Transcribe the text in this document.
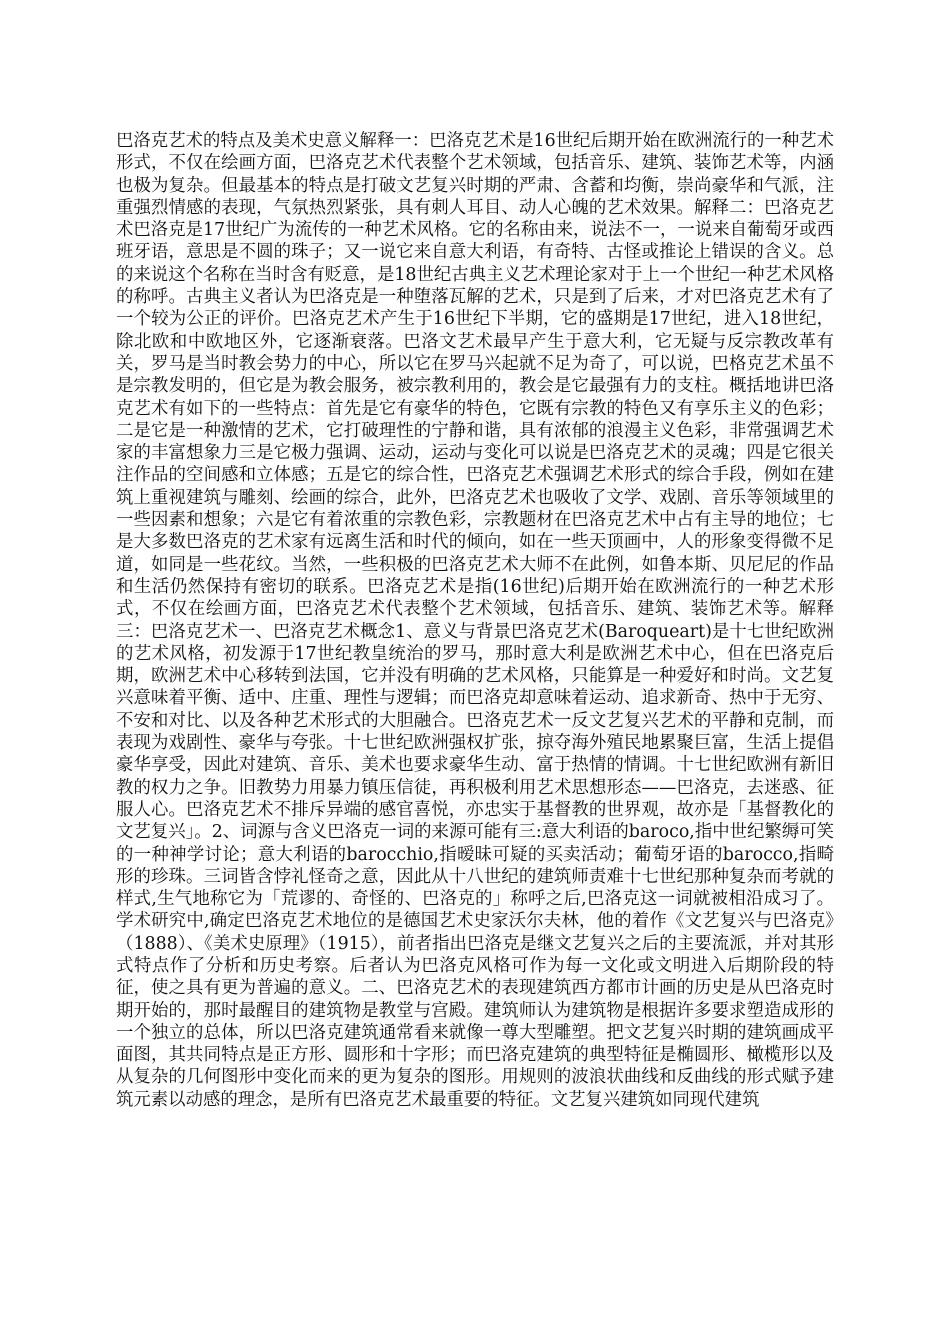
巴洛克艺术的特点及美术史意义解释一：巴洛克艺术是16世纪后期开始在欧洲流行的一种艺术形式，不仅在绘画方面，巴洛克艺术代表整个艺术领域，包括音乐、建筑、装饰艺术等，内涵也极为复杂。但最基本的特点是打破文艺复兴时期的严肃、含蓄和均衡，崇尚豪华和气派，注重强烈情感的表现，气氛热烈紧张，具有刺人耳目、动人心魄的艺术效果。解释二：巴洛克艺术巴洛克是17世纪广为流传的一种艺术风格。它的名称由来，说法不一，一说来自葡萄牙或西班牙语，意思是不圆的珠子；又一说它来自意大利语，有奇特、古怪或推论上错误的含义。总的来说这个名称在当时含有贬意，是18世纪古典主义艺术理论家对于上一个世纪一种艺术风格的称呼。古典主义者认为巴洛克是一种堕落瓦解的艺术，只是到了后来，才对巴洛克艺术有了一个较为公正的评价。巴洛克艺术产生于16世纪下半期，它的盛期是17世纪，进入18世纪，除北欧和中欧地区外，它逐渐衰落。巴洛文艺术最早产生于意大利，它无疑与反宗教改革有关，罗马是当时教会势力的中心，所以它在罗马兴起就不足为奇了，可以说，巴格克艺术虽不是宗教发明的，但它是为教会服务，被宗教利用的，教会是它最强有力的支柱。概括地讲巴洛克艺术有如下的一些特点：首先是它有豪华的特色，它既有宗教的特色又有享乐主义的色彩；二是它是一种激情的艺术，它打破理性的宁静和谐，具有浓郁的浪漫主义色彩，非常强调艺术家的丰富想象力三是它极力强调、运动，运动与变化可以说是巴洛克艺术的灵魂；四是它很关注作品的空间感和立体感；五是它的综合性，巴洛克艺术强调艺术形式的综合手段，例如在建筑上重视建筑与雕刻、绘画的综合，此外，巴洛克艺术也吸收了文学、戏剧、音乐等领域里的一些因素和想象；六是它有着浓重的宗教色彩，宗教题材在巴洛克艺术中占有主导的地位；七是大多数巴洛克的艺术家有远离生活和时代的倾向，如在一些天顶画中，人的形象变得微不足道，如同是一些花纹。当然，一些积极的巴洛克艺术大师不在此例，如鲁本斯、贝尼尼的作品和生活仍然保持有密切的联系。巴洛克艺术是指(16世纪)后期开始在欧洲流行的一种艺术形式，不仅在绘画方面，巴洛克艺术代表整个艺术领域，包括音乐、建筑、装饰艺术等。解释三：巴洛克艺术一、巴洛克艺术概念1、意义与背景巴洛克艺术(Baroqueart)是十七世纪欧洲的艺术风格，初发源于17世纪教皇统治的罗马，那时意大利是欧洲艺术中心，但在巴洛克后期，欧洲艺术中心移转到法国，它并没有明确的艺术风格，只能算是一种爱好和时尚。文艺复兴意味着平衡、适中、庄重、理性与逻辑；而巴洛克却意味着运动、追求新奇、热中于无穷、不安和对比、以及各种艺术形式的大胆融合。巴洛克艺术一反文艺复兴艺术的平静和克制，而表现为戏剧性、豪华与夸张。十七世纪欧洲强权扩张，掠夺海外殖民地累聚巨富，生活上提倡豪华享受，因此对建筑、音乐、美术也要求豪华生动、富于热情的情调。十七世纪欧洲有新旧教的权力之争。旧教势力用暴力镇压信徒，再积极利用艺术思想形态——巴洛克，去迷惑、征服人心。巴洛克艺术不排斥异端的感官喜悦，亦忠实于基督教的世界观，故亦是「基督教化的文艺复兴」。2、词源与含义巴洛克一词的来源可能有三:意大利语的baroco,指中世纪繁缛可笑的一种神学讨论；意大利语的barocchio,指暧昧可疑的买卖活动；葡萄牙语的barocco,指畸形的珍珠。三词皆含悖礼怪奇之意，因此从十八世纪的建筑师责难十七世纪那种复杂而考就的样式,生气地称它为「荒谬的、奇怪的、巴洛克的」称呼之后,巴洛克这一词就被相沿成习了。学术研究中,确定巴洛克艺术地位的是德国艺术史家沃尔夫林，他的着作《文艺复兴与巴洛克》（1888）、《美术史原理》（1915），前者指出巴洛克是继文艺复兴之后的主要流派，并对其形式特点作了分析和历史考察。后者认为巴洛克风格可作为每一文化或文明进入后期阶段的特征，使之具有更为普遍的意义。二、巴洛克艺术的表现建筑西方都市计画的历史是从巴洛克时期开始的，那时最醒目的建筑物是教堂与宫殿。建筑师认为建筑物是根据许多要求塑造成形的一个独立的总体，所以巴洛克建筑通常看来就像一尊大型雕塑。把文艺复兴时期的建筑画成平面图，其共同特点是正方形、圆形和十字形；而巴洛克建筑的典型特征是椭圆形、橄榄形以及从复杂的几何图形中变化而来的更为复杂的图形。用规则的波浪状曲线和反曲线的形式赋予建筑元素以动感的理念，是所有巴洛克艺术最重要的特征。文艺复兴建筑如同现代建筑
